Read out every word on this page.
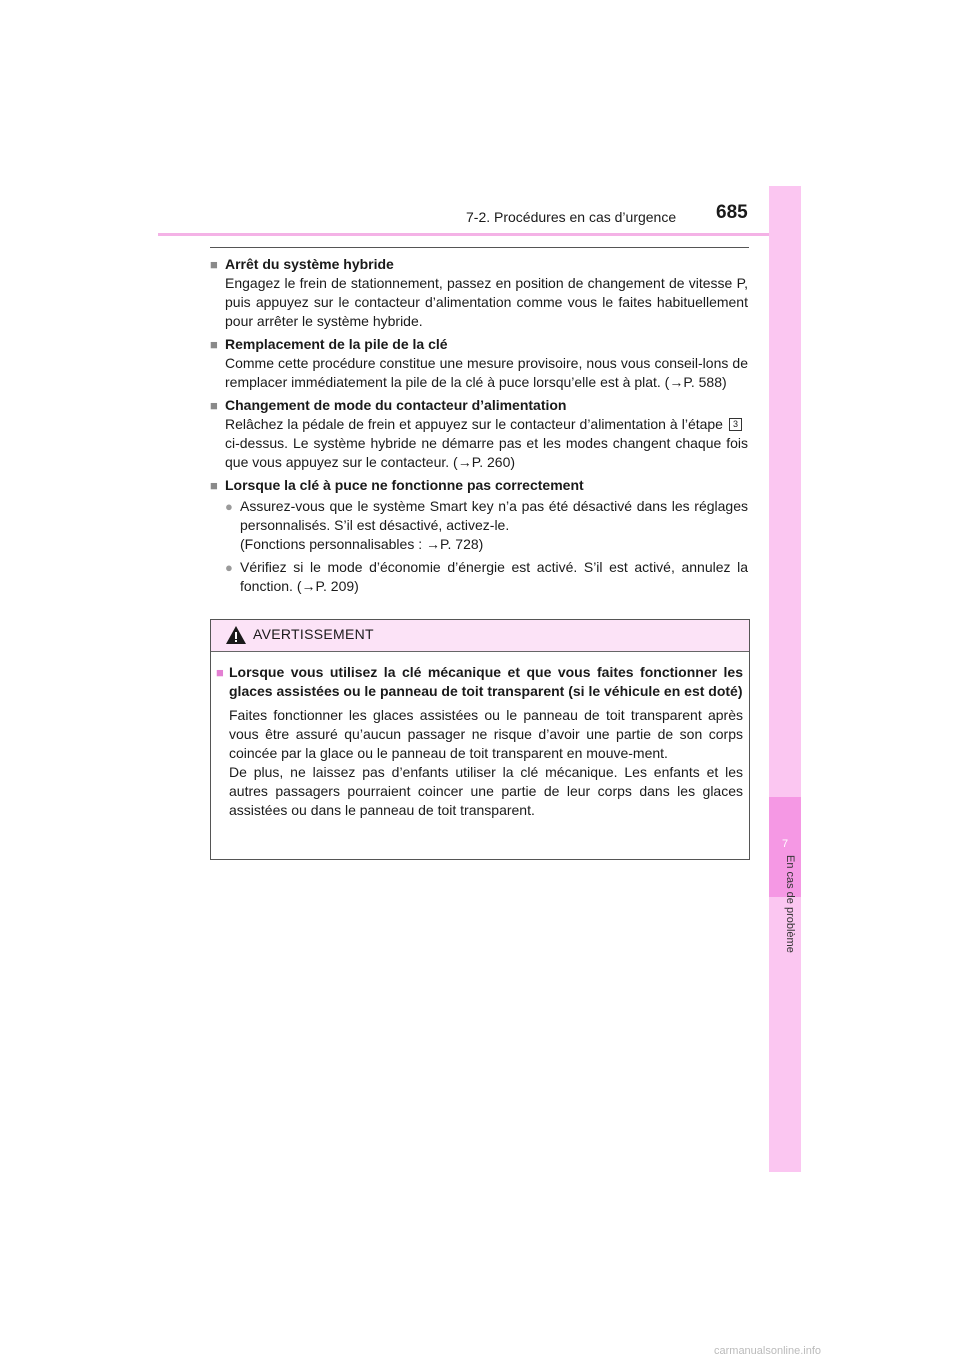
7-2. Procédures en cas d’urgence 685
7
En cas de problème
■ Arrêt du système hybride
Engagez le frein de stationnement, passez en position de changement de vitesse P, puis appuyez sur le contacteur d’alimentation comme vous le faites habituellement pour arrêter le système hybride.
■ Remplacement de la pile de la clé
Comme cette procédure constitue une mesure provisoire, nous vous conseil-lons de remplacer immédiatement la pile de la clé à puce lorsqu’elle est à plat. (→P. 588)
■ Changement de mode du contacteur d’alimentation
Relâchez la pédale de frein et appuyez sur le contacteur d’alimentation à l’étape 3ci-dessus. Le système hybride ne démarre pas et les modes changent chaque fois que vous appuyez sur le contacteur. (→P. 260)
■ Lorsque la clé à puce ne fonctionne pas correctement
● Assurez-vous que le système Smart key n’a pas été désactivé dans les réglages personnalisés. S’il est désactivé, activez-le.
(Fonctions personnalisables : →P. 728)
● Vérifiez si le mode d’économie d’énergie est activé. S’il est activé, annulez la fonction. (→P. 209)
AVERTISSEMENT
■ Lorsque vous utilisez la clé mécanique et que vous faites fonctionner les glaces assistées ou le panneau de toit transparent (si le véhicule en est doté)
Faites fonctionner les glaces assistées ou le panneau de toit transparent après vous être assuré qu’aucun passager ne risque d’avoir une partie de son corps coincée par la glace ou le panneau de toit transparent en mouve-ment.
De plus, ne laissez pas d’enfants utiliser la clé mécanique. Les enfants et les autres passagers pourraient coincer une partie de leur corps dans les glaces assistées ou dans le panneau de toit transparent.
carmanualsonline.info
